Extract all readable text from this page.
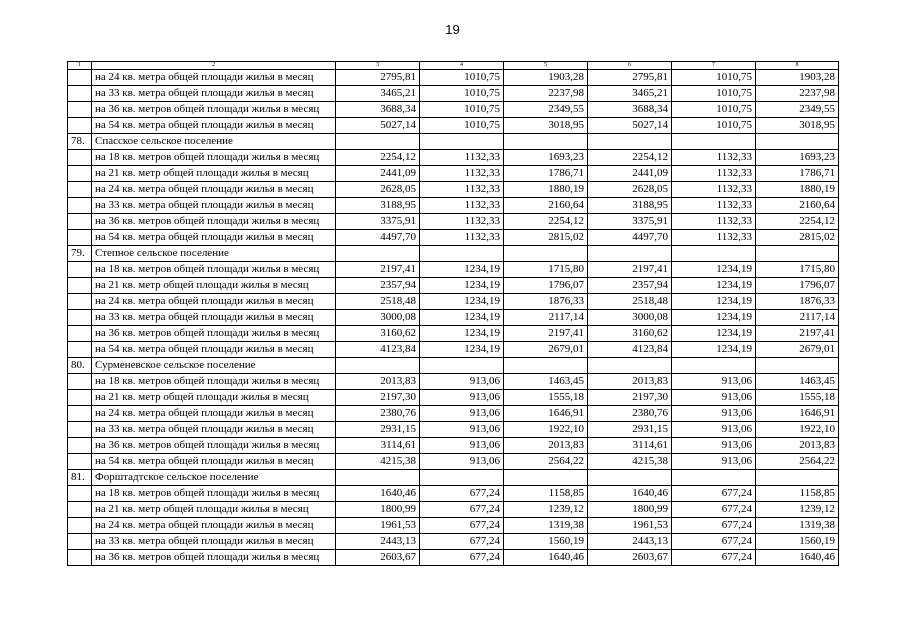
19
1	2	3	4	5	6	7	8
	на 24 кв. метра общей площади жилья в месяц	2795,81	1010,75	1903,28	2795,81	1010,75	1903,28
	на 33 кв. метра общей площади жилья в месяц	3465,21	1010,75	2237,98	3465,21	1010,75	2237,98
	на 36 кв. метров общей площади жилья в месяц	3688,34	1010,75	2349,55	3688,34	1010,75	2349,55
	на 54 кв. метра общей площади жилья в месяц	5027,14	1010,75	3018,95	5027,14	1010,75	3018,95
78.	Спасское сельское поселение						
	на 18 кв. метров общей площади жилья в месяц	2254,12	1132,33	1693,23	2254,12	1132,33	1693,23
	на 21 кв. метр общей площади жилья в месяц	2441,09	1132,33	1786,71	2441,09	1132,33	1786,71
	на 24 кв. метра общей площади жилья в месяц	2628,05	1132,33	1880,19	2628,05	1132,33	1880,19
	на 33 кв. метра общей площади жилья в месяц	3188,95	1132,33	2160,64	3188,95	1132,33	2160,64
	на 36 кв. метров общей площади жилья в месяц	3375,91	1132,33	2254,12	3375,91	1132,33	2254,12
	на 54 кв. метра общей площади жилья в месяц	4497,70	1132,33	2815,02	4497,70	1132,33	2815,02
79.	Степное сельское поселение						
	на 18 кв. метров общей площади жилья в месяц	2197,41	1234,19	1715,80	2197,41	1234,19	1715,80
	на 21 кв. метр общей площади жилья в месяц	2357,94	1234,19	1796,07	2357,94	1234,19	1796,07
	на 24 кв. метра общей площади жилья в месяц	2518,48	1234,19	1876,33	2518,48	1234,19	1876,33
	на 33 кв. метра общей площади жилья в месяц	3000,08	1234,19	2117,14	3000,08	1234,19	2117,14
	на 36 кв. метров общей площади жилья в месяц	3160,62	1234,19	2197,41	3160,62	1234,19	2197,41
	на 54 кв. метра общей площади жилья в месяц	4123,84	1234,19	2679,01	4123,84	1234,19	2679,01
80.	Сурменевское сельское поселение						
	на 18 кв. метров общей площади жилья в месяц	2013,83	913,06	1463,45	2013,83	913,06	1463,45
	на 21 кв. метр общей площади жилья в месяц	2197,30	913,06	1555,18	2197,30	913,06	1555,18
	на 24 кв. метра общей площади жилья в месяц	2380,76	913,06	1646,91	2380,76	913,06	1646,91
	на 33 кв. метра общей площади жилья в месяц	2931,15	913,06	1922,10	2931,15	913,06	1922,10
	на 36 кв. метров общей площади жилья в месяц	3114,61	913,06	2013,83	3114,61	913,06	2013,83
	на 54 кв. метра общей площади жилья в месяц	4215,38	913,06	2564,22	4215,38	913,06	2564,22
81.	Форштадтское сельское поселение						
	на 18 кв. метров общей площади жилья в месяц	1640,46	677,24	1158,85	1640,46	677,24	1158,85
	на 21 кв. метр общей площади жилья в месяц	1800,99	677,24	1239,12	1800,99	677,24	1239,12
	на 24 кв. метра общей площади жилья в месяц	1961,53	677,24	1319,38	1961,53	677,24	1319,38
	на 33 кв. метра общей площади жилья в месяц	2443,13	677,24	1560,19	2443,13	677,24	1560,19
	на 36 кв. метров общей площади жилья в месяц	2603,67	677,24	1640,46	2603,67	677,24	1640,46
